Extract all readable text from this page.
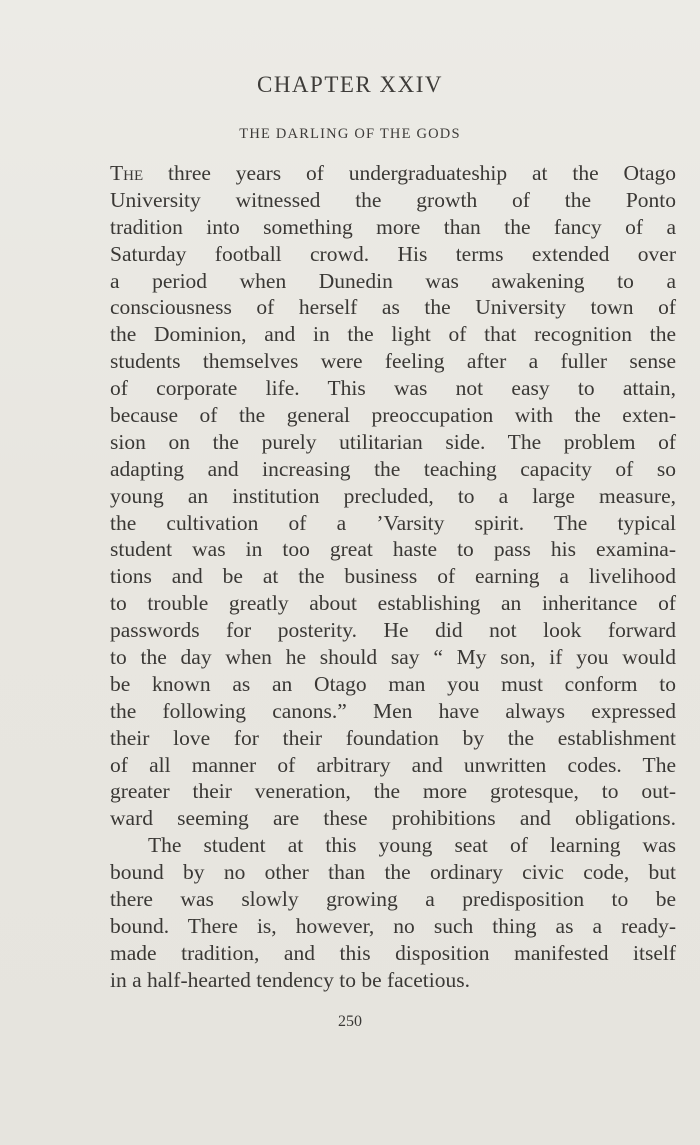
CHAPTER XXIV
THE DARLING OF THE GODS
The three years of undergraduateship at the Otago
University witnessed the growth of the Ponto
tradition into something more than the fancy of a
Saturday football crowd. His terms extended over
a period when Dunedin was awakening to a
consciousness of herself as the University town of
the Dominion, and in the light of that recognition the
students themselves were feeling after a fuller sense
of corporate life. This was not easy to attain,
because of the general preoccupation with the exten-
sion on the purely utilitarian side. The problem of
adapting and increasing the teaching capacity of so
young an institution precluded, to a large measure,
the cultivation of a ’Varsity spirit. The typical
student was in too great haste to pass his examina-
tions and be at the business of earning a livelihood
to trouble greatly about establishing an inheritance of
passwords for posterity. He did not look forward
to the day when he should say “ My son, if you would
be known as an Otago man you must conform to
the following canons.” Men have always expressed
their love for their foundation by the establishment
of all manner of arbitrary and unwritten codes. The
greater their veneration, the more grotesque, to out-
ward seeming are these prohibitions and obligations.
The student at this young seat of learning was
bound by no other than the ordinary civic code, but
there was slowly growing a predisposition to be
bound. There is, however, no such thing as a ready-
made tradition, and this disposition manifested itself
in a half-hearted tendency to be facetious.
250
